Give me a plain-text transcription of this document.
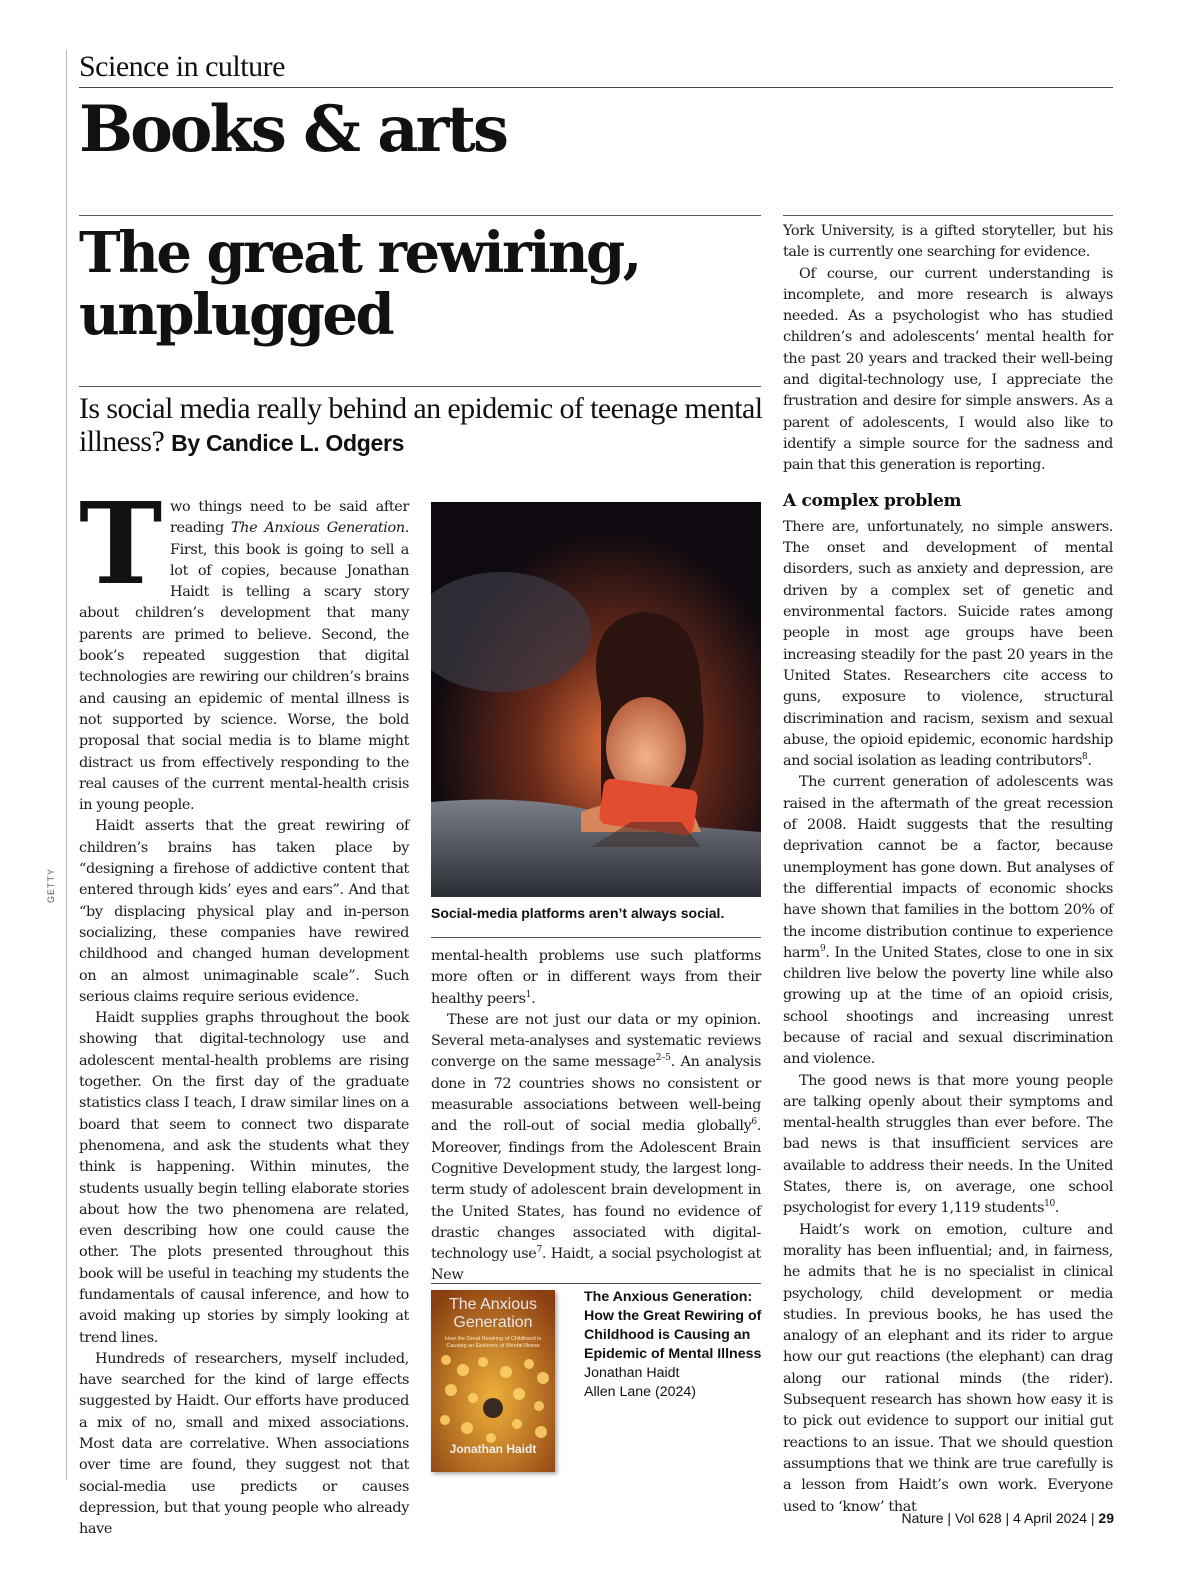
GETTY
Science in culture
Books & arts
The great rewiring,
unplugged
Is social media really behind an epidemic of teenage mental illness? By Candice L. Odgers

Two things need to be said after reading The Anxious Generation. First, this book is going to sell a lot of copies, because Jonathan Haidt is telling a scary story about children’s development that many parents are primed to believe. Second, the book’s repeated suggestion that digital technologies are rewiring our children’s brains and causing an epidemic of mental illness is not supported by science. Worse, the bold proposal that social media is to blame might distract us from effectively responding to the real causes of the current mental-health crisis in young people.

Haidt asserts that the great rewiring of children’s brains has taken place by “designing a firehose of addictive content that entered through kids’ eyes and ears”. And that “by displacing physical play and in-person socializing, these companies have rewired childhood and changed human development on an almost unimaginable scale”. Such serious claims require serious evidence.

Haidt supplies graphs throughout the book showing that digital-technology use and adolescent mental-health problems are rising together. On the first day of the graduate statistics class I teach, I draw similar lines on a board that seem to connect two disparate phenomena, and ask the students what they think is happening. Within minutes, the students usually begin telling elaborate stories about how the two phenomena are related, even describing how one could cause the other. The plots presented throughout this book will be useful in teaching my students the fundamentals of causal inference, and how to avoid making up stories by simply looking at trend lines.

Hundreds of researchers, myself included, have searched for the kind of large effects suggested by Haidt. Our efforts have produced a mix of no, small and mixed associations. Most data are correlative. When associations over time are found, they suggest not that social-media use predicts or causes depression, but that young people who already have

Social-media platforms aren’t always social.

mental-health problems use such platforms more often or in different ways from their healthy peers$^1$.

These are not just our data or my opinion. Several meta-analyses and systematic reviews converge on the same message$^{2-5}$. An analysis done in 72 countries shows no consistent or measurable associations between well-being and the roll-out of social media globally$^6$. Moreover, findings from the Adolescent Brain Cognitive Development study, the largest long-term study of adolescent brain development in the United States, has found no evidence of drastic changes associated with digital-technology use$^7$. Haidt, a social psychologist at New

The Anxious
Generation
How the Great Rewiring of Childhood is Causing an Epidemic of Mental Illness
Jonathan Haidt
The Anxious Generation: How the Great Rewiring of Childhood is Causing an Epidemic of Mental Illness
Jonathan Haidt
Allen Lane (2024)

York University, is a gifted storyteller, but his tale is currently one searching for evidence.

Of course, our current understanding is incomplete, and more research is always needed. As a psychologist who has studied children’s and adolescents’ mental health for the past 20 years and tracked their well-being and digital-technology use, I appreciate the frustration and desire for simple answers. As a parent of adolescents, I would also like to identify a simple source for the sadness and pain that this generation is reporting.

A complex problem

There are, unfortunately, no simple answers. The onset and development of mental disorders, such as anxiety and depression, are driven by a complex set of genetic and environmental factors. Suicide rates among people in most age groups have been increasing steadily for the past 20 years in the United States. Researchers cite access to guns, exposure to violence, structural discrimination and racism, sexism and sexual abuse, the opioid epidemic, economic hardship and social isolation as leading contributors$^8$.

The current generation of adolescents was raised in the aftermath of the great recession of 2008. Haidt suggests that the resulting deprivation cannot be a factor, because unemployment has gone down. But analyses of the differential impacts of economic shocks have shown that families in the bottom 20% of the income distribution continue to experience harm$^9$. In the United States, close to one in six children live below the poverty line while also growing up at the time of an opioid crisis, school shootings and increasing unrest because of racial and sexual discrimination and violence.

The good news is that more young people are talking openly about their symptoms and mental-health struggles than ever before. The bad news is that insufficient services are available to address their needs. In the United States, there is, on average, one school psychologist for every 1,119 students$^{10}$.

Haidt’s work on emotion, culture and morality has been influential; and, in fairness, he admits that he is no specialist in clinical psychology, child development or media studies. In previous books, he has used the analogy of an elephant and its rider to argue how our gut reactions (the elephant) can drag along our rational minds (the rider). Subsequent research has shown how easy it is to pick out evidence to support our initial gut reactions to an issue. That we should question assumptions that we think are true carefully is a lesson from Haidt’s own work. Everyone used to ‘know’ that

Nature | Vol 628 | 4 April 2024 | 29
